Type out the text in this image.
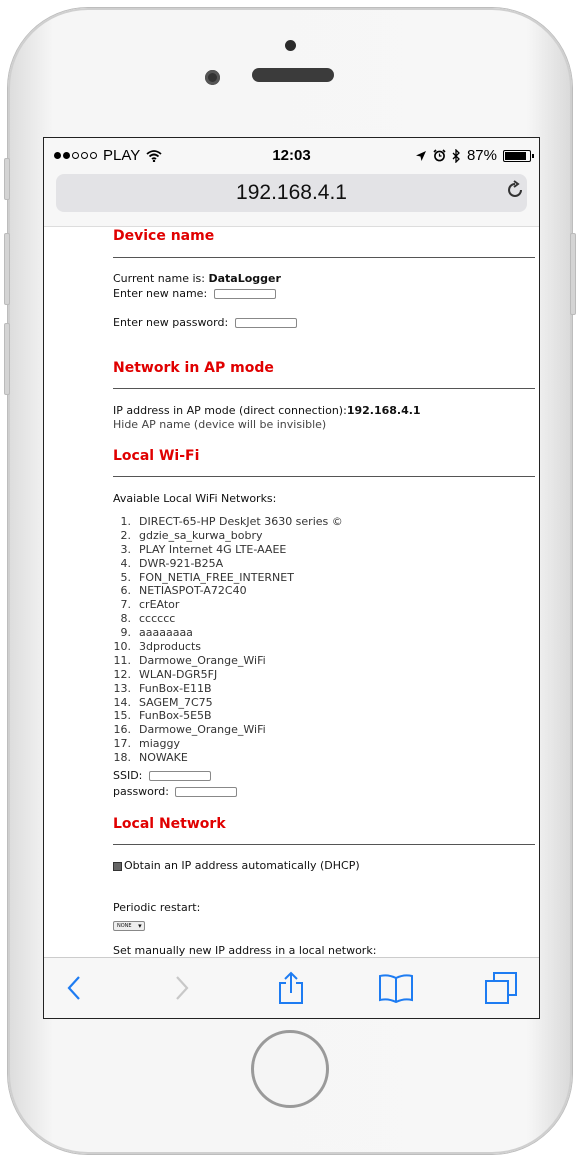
PLAY	12:03	87%
192.168.4.1
Device name
Current name is: DataLogger
Enter new name:
Enter new password:
Network in AP mode
IP address in AP mode (direct connection):192.168.4.1
Hide AP name (device will be invisible)
Local Wi-Fi
Avaiable Local WiFi Networks:
1. DIRECT-65-HP DeskJet 3630 series ©
2. gdzie_sa_kurwa_bobry
3. PLAY Internet 4G LTE-AAEE
4. DWR-921-B25A
5. FON_NETIA_FREE_INTERNET
6. NETIASPOT-A72C40
7. crEAtor
8. cccccc
9. aaaaaaaa
10. 3dproducts
11. Darmowe_Orange_WiFi
12. WLAN-DGR5FJ
13. FunBox-E11B
14. SAGEM_7C75
15. FunBox-5E5B
16. Darmowe_Orange_WiFi
17. miaggy
18. NOWAKE
SSID:
password:
Local Network
Obtain an IP address automatically (DHCP)
Periodic restart:
NONE ▾
Set manually new IP address in a local network:
